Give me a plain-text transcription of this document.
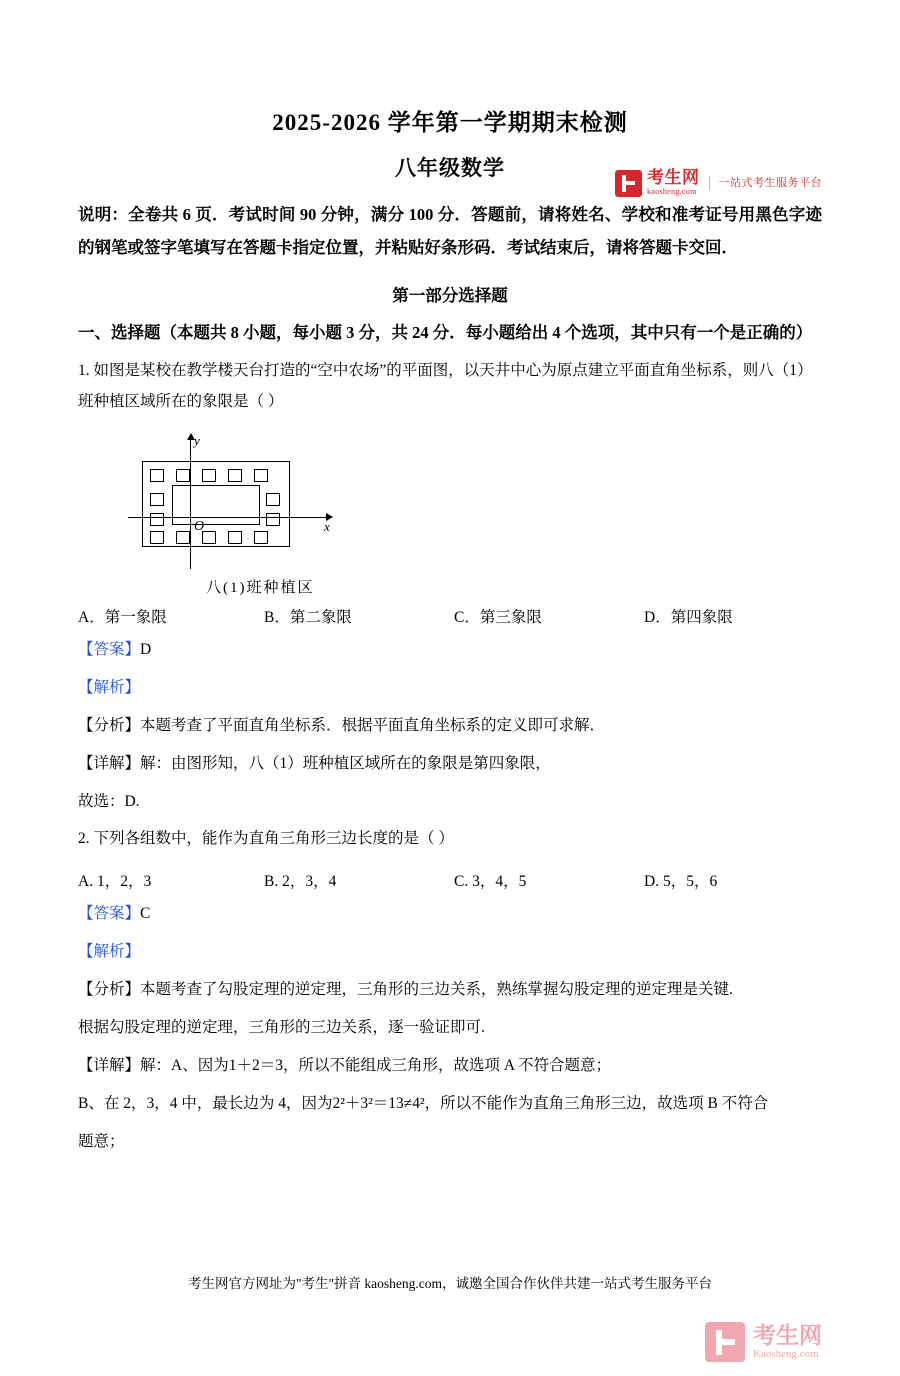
考生网
kaosheng.com
一站式考生服务平台
2025-2026 学年第一学期期末检测
八年级数学

说明：全卷共 6 页．考试时间 90 分钟，满分 100 分．答题前，请将姓名、学校和准考证号用黑色字迹的钢笔或签字笔填写在答题卡指定位置，并粘贴好条形码．考试结束后，请将答题卡交回．

第一部分选择题

一、选择题（本题共 8 小题，每小题 3 分，共 24 分．每小题给出 4 个选项，其中只有一个是正确的）

1. 如图是某校在教学楼天台打造的“空中农场”的平面图，以天井中心为原点建立平面直角坐标系，则八（1）班种植区域所在的象限是（ ）

y
x
O
八(1)班种植区
A．第一象限	B．第二象限	C．第三象限	D．第四象限
【答案】D
【解析】
【分析】本题考查了平面直角坐标系．根据平面直角坐标系的定义即可求解．
【详解】解：由图形知，八（1）班种植区域所在的象限是第四象限，
故选：D.

2. 下列各组数中，能作为直角三角形三边长度的是（ ）

A. 1，2，3	B. 2，3，4	C. 3，4，5	D. 5，5，6
【答案】C
【解析】
【分析】本题考查了勾股定理的逆定理，三角形的三边关系，熟练掌握勾股定理的逆定理是关键.
根据勾股定理的逆定理，三角形的三边关系，逐一验证即可.
【详解】解：A、因为1＋2＝3，所以不能组成三角形，故选项 A 不符合题意；
B、在 2，3，4 中，最长边为 4，因为2²＋3²＝13≠4²，所以不能作为直角三角形三边，故选项 B 不符合
题意；
考生网官方网址为"考生"拼音 kaosheng.com，诚邀全国合作伙伴共建一站式考生服务平台
考生网
Kaosheng.com
